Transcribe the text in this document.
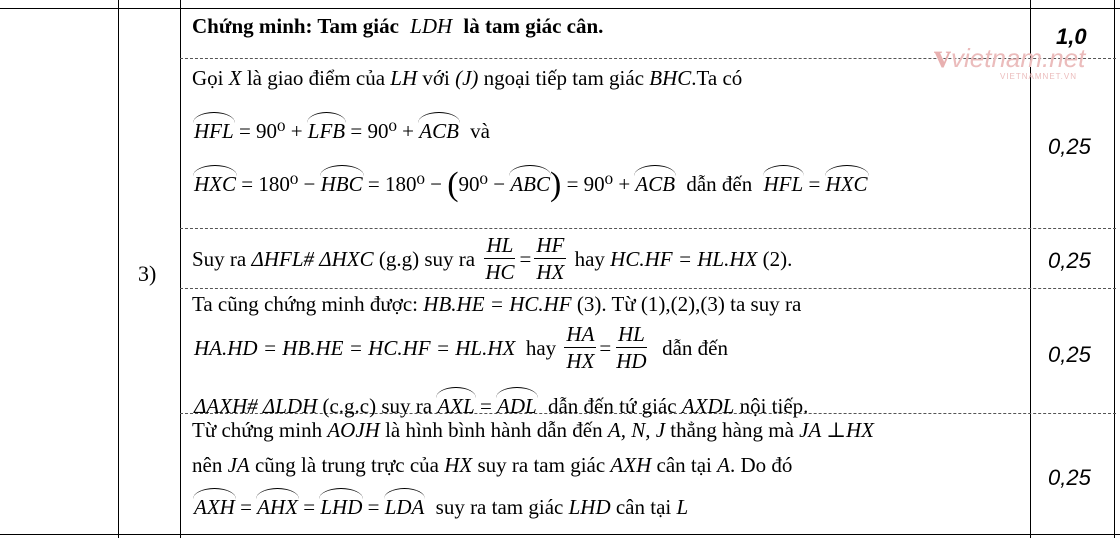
3)
vvietnam.net
VIETNAMNET.VN
Chứng minh: Tam giác LDH là tam giác cân.	1,0
Gọi X là giao điểm của LH với (J) ngoại tiếp tam giác BHC.Ta có
HFL = 90⁰ + LFB = 90⁰ + ACB và
HXC = 180⁰ − HBC = 180⁰ − (90⁰ − ABC) = 90⁰ + ACB dẫn đến HFL = HXC
0,25
Suy ra
ΔHFL# ΔHXC
(g.g) suy ra
$\frac{HL}{HC} = \frac{HF}{HX}$
hay
HC.HF = HL.HX
(2).	0,25
Ta cũng chứng minh được: HB.HE = HC.HF (3). Từ (1),(2),(3) ta suy ra
HA.HD = HB.HE = HC.HF = HL.HX
hay
$\frac{HA}{HX} = \frac{HL}{HD}$
dẫn đến
ΔAXH# ΔLDH (c.g.c) suy ra AXL = ADL dẫn đến tứ giác AXDL nội tiếp.
0,25
Từ chứng minh AOJH là hình bình hành dẫn đến A, N, J thẳng hàng mà JA ⊥HX
nên JA cũng là trung trực của HX suy ra tam giác AXH cân tại A. Do đó
AXH = AHX = LHD = LDA suy ra tam giác LHD cân tại L
0,25
